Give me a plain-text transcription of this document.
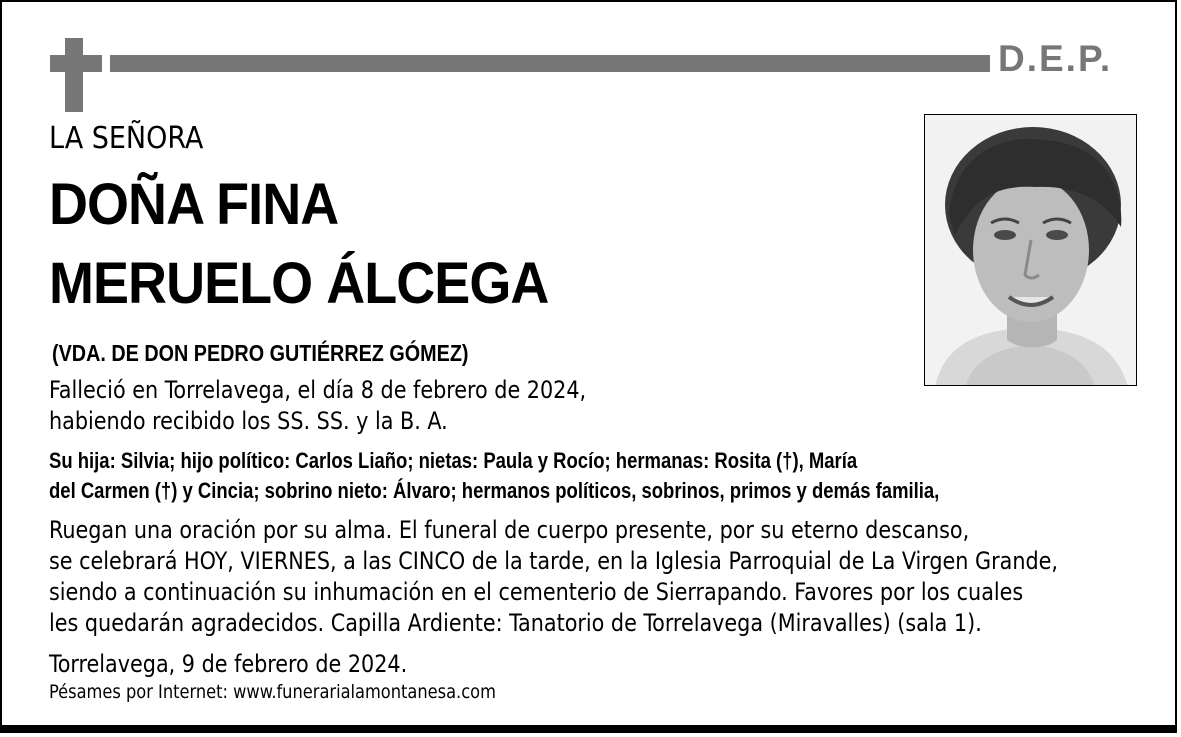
D.E.P.
LA SEÑORA
DOÑA FINA
MERUELO ÁLCEGA
(VDA. DE DON PEDRO GUTIÉRREZ GÓMEZ)
Falleció en Torrelavega, el día 8 de febrero de 2024,
habiendo recibido los SS. SS. y la B. A.
Su hija: Silvia; hijo político: Carlos Liaño; nietas: Paula y Rocío; hermanas: Rosita (†), María
del Carmen (†) y Cincia; sobrino nieto: Álvaro; hermanos políticos, sobrinos, primos y demás familia,
Ruegan una oración por su alma. El funeral de cuerpo presente, por su eterno descanso,
se celebrará HOY, VIERNES, a las CINCO de la tarde, en la Iglesia Parroquial de La Virgen Grande,
siendo a continuación su inhumación en el cementerio de Sierrapando. Favores por los cuales
les quedarán agradecidos. Capilla Ardiente: Tanatorio de Torrelavega (Miravalles) (sala 1).
Torrelavega, 9 de febrero de 2024.
Pésames por Internet: www.funerarialamontanesa.com
